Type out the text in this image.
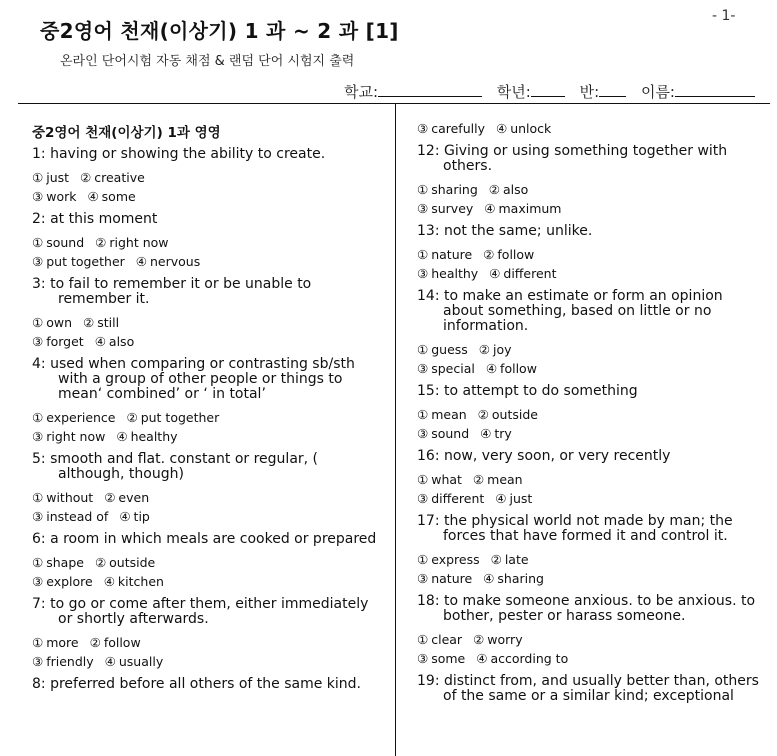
- 1-
중2영어 천재(이상기) 1 과 ~ 2 과 [1]
온라인 단어시험 자동 채점 & 랜덤 단어 시험지 출력
학교:	학년:	반:	이름:
중2영어 천재(이상기) 1과 영영
1: having or showing the ability to create.
① just ② creative
③ work ④ some
2: at this moment
① sound ② right now
③ put together ④ nervous
3: to fail to remember it or be unable to remember it.
① own ② still
③ forget ④ also
4: used when comparing or contrasting sb/sth with a group of other people or things to mean‘ combined’ or ‘ in total’
① experience ② put together
③ right now ④ healthy
5: smooth and flat. constant or regular, ( although, though)
① without ② even
③ instead of ④ tip
6: a room in which meals are cooked or prepared
① shape ② outside
③ explore ④ kitchen
7: to go or come after them, either immediately or shortly afterwards.
① more ② follow
③ friendly ④ usually
8: preferred before all others of the same kind.
③ carefully ④ unlock
12: Giving or using something together with others.
① sharing ② also
③ survey ④ maximum
13: not the same; unlike.
① nature ② follow
③ healthy ④ different
14: to make an estimate or form an opinion about something, based on little or no information.
① guess ② joy
③ special ④ follow
15: to attempt to do something
① mean ② outside
③ sound ④ try
16: now, very soon, or very recently
① what ② mean
③ different ④ just
17: the physical world not made by man; the forces that have formed it and control it.
① express ② late
③ nature ④ sharing
18: to make someone anxious. to be anxious. to bother, pester or harass someone.
① clear ② worry
③ some ④ according to
19: distinct from, and usually better than, others of the same or a similar kind; exceptional
